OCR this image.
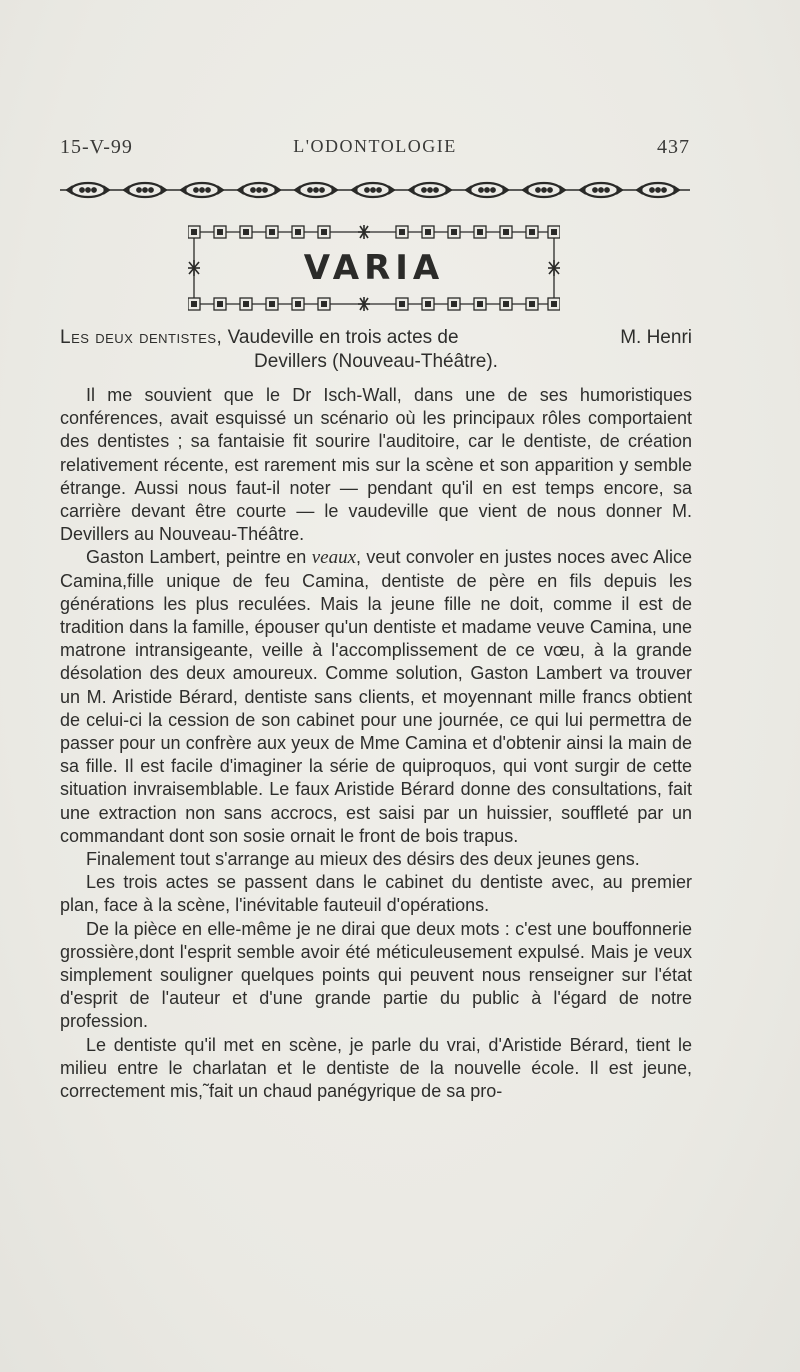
15-V-99	L'ODONTOLOGIE	437
VARIA
Les deux dentistes, Vaudeville en trois actes de	M. Henri
Devillers (Nouveau-Théâtre).

Il me souvient que le Dr Isch-Wall, dans une de ses humoristiques conférences, avait esquissé un scénario où les principaux rôles comportaient des dentistes ; sa fantaisie fit sourire l'auditoire, car le dentiste, de création relativement récente, est rarement mis sur la scène et son apparition y semble étrange. Aussi nous faut-il noter — pendant qu'il en est temps encore, sa carrière devant être courte — le vaudeville que vient de nous donner M. Devillers au Nouveau-Théâtre.

Gaston Lambert, peintre en veaux, veut convoler en justes noces avec Alice Camina,fille unique de feu Camina, dentiste de père en fils depuis les générations les plus reculées. Mais la jeune fille ne doit, comme il est de tradition dans la famille, épouser qu'un dentiste et madame veuve Camina, une matrone intransigeante, veille à l'accomplissement de ce vœu, à la grande désolation des deux amoureux. Comme solution, Gaston Lambert va trouver un M. Aristide Bérard, dentiste sans clients, et moyennant mille francs obtient de celui-ci la cession de son cabinet pour une journée, ce qui lui permettra de passer pour un confrère aux yeux de Mme Camina et d'obtenir ainsi la main de sa fille. Il est facile d'imaginer la série de quiproquos, qui vont surgir de cette situation invraisemblable. Le faux Aristide Bérard donne des consultations, fait une extraction non sans accrocs, est saisi par un huissier, souffleté par un commandant dont son sosie ornait le front de bois trapus.

Finalement tout s'arrange au mieux des désirs des deux jeunes gens.

Les trois actes se passent dans le cabinet du dentiste avec, au premier plan, face à la scène, l'inévitable fauteuil d'opérations.

De la pièce en elle-même je ne dirai que deux mots : c'est une bouffonnerie grossière,dont l'esprit semble avoir été méticuleusement expulsé. Mais je veux simplement souligner quelques points qui peuvent nous renseigner sur l'état d'esprit de l'auteur et d'une grande partie du public à l'égard de notre profession.

Le dentiste qu'il met en scène, je parle du vrai, d'Aristide Bérard, tient le milieu entre le charlatan et le dentiste de la nouvelle école. Il est jeune, correctement mis,˜fait un chaud panégyrique de sa pro-
